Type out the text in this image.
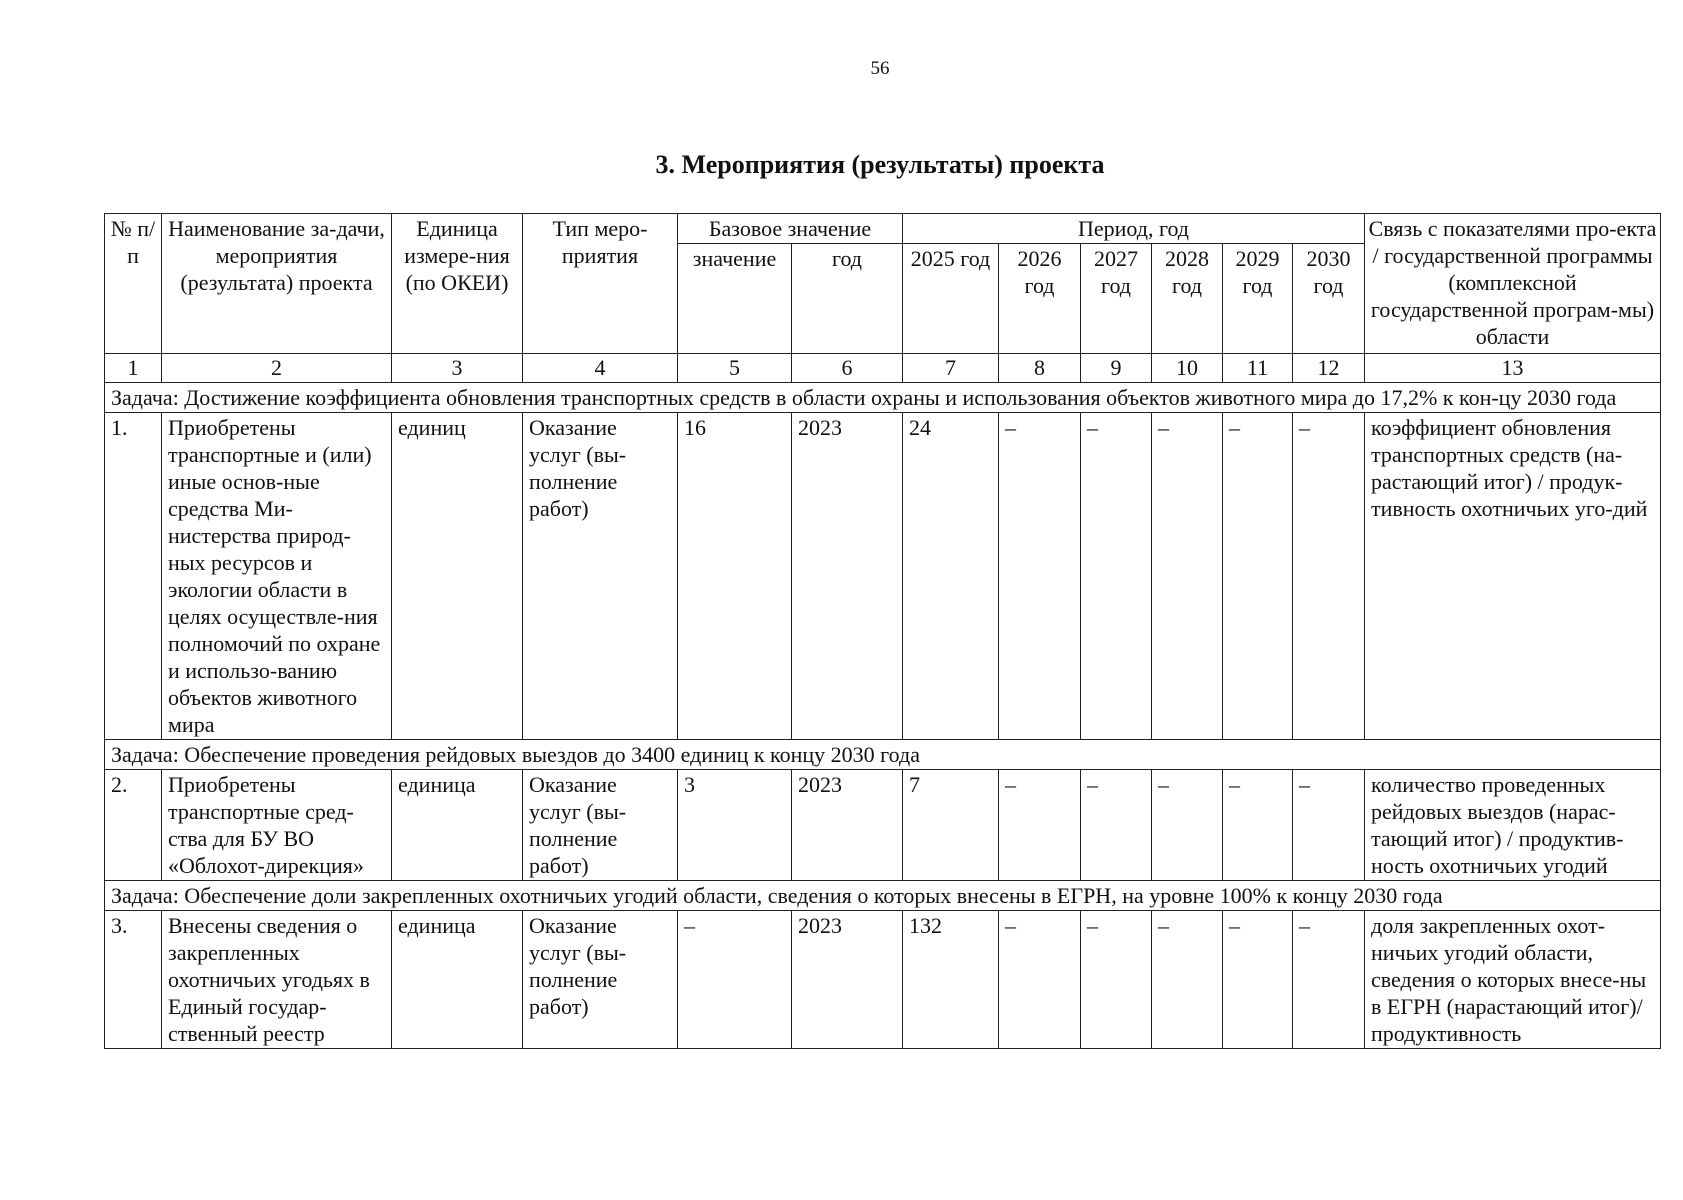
56
3. Мероприятия (результаты) проекта
№ п/п	Наименование за-дачи, мероприятия (результата) проекта	Единица измере-ния (по ОКЕИ)	Тип меро-приятия	Базовое значение		Период, год						Связь с показателями про-екта / государственной программы (комплексной государственной програм-мы) области
				значение	год	2025 год	2026 год	2027 год	2028 год	2029 год	2030 год	
1	2	3	4	5	6	7	8	9	10	11	12	13
Задача: Достижение коэффициента обновления транспортных средств в области охраны и использования объектов животного мира до 17,2% к кон-цу 2030 года												
1.	Приобретены транспортные и (или) иные основ-ные средства Ми-нистерства природ-ных ресурсов и экологии области в целях осуществле-ния полномочий по охране и использо-ванию объектов животного мира	единиц	Оказание услуг (вы-полнение работ)	16	2023	24	–	–	–	–	–	коэффициент обновления транспортных средств (на-растающий итог) / продук-тивность охотничьих уго-дий
Задача: Обеспечение проведения рейдовых выездов до 3400 единиц к концу 2030 года												
2.	Приобретены транспортные сред-ства для БУ ВО «Облохот-дирекция»	единица	Оказание услуг (вы-полнение работ)	3	2023	7	–	–	–	–	–	количество проведенных рейдовых выездов (нарас-тающий итог) / продуктив-ность охотничьих угодий
Задача: Обеспечение доли закрепленных охотничьих угодий области, сведения о которых внесены в ЕГРН, на уровне 100% к концу 2030 года												
3.	Внесены сведения о закрепленных охотничьих угодьях в Единый государ-ственный реестр	единица	Оказание услуг (вы-полнение работ)	–	2023	132	–	–	–	–	–	доля закрепленных охот-ничьих угодий области, сведения о которых внесе-ны в ЕГРН (нарастающий итог)/ продуктивность
